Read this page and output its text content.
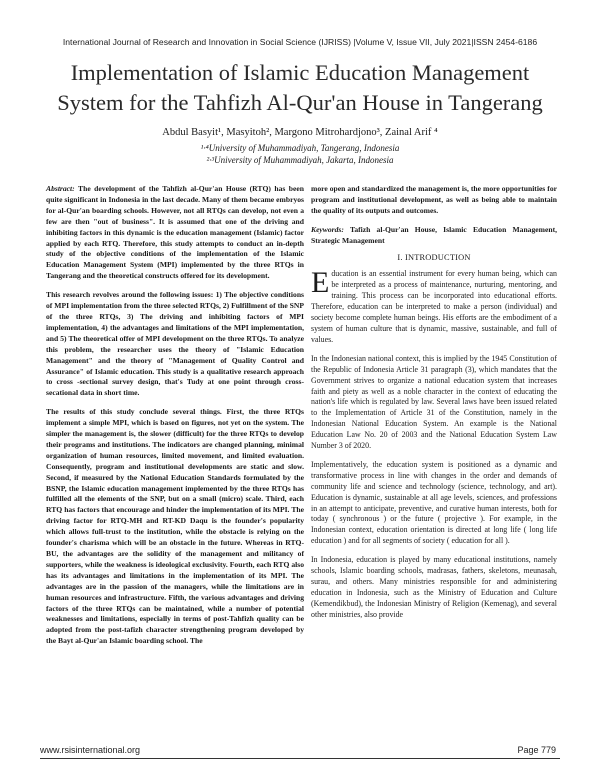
International Journal of Research and Innovation in Social Science (IJRISS) |Volume V, Issue VII, July 2021|ISSN 2454-6186
Implementation of Islamic Education Management System for the Tahfizh Al-Qur'an House in Tangerang
Abdul Basyit¹, Masyitoh², Margono Mitrohardjono³, Zainal Arif ⁴
¹·⁴University of Muhammadiyah, Tangerang, Indonesia
²·³University of Muhammadiyah, Jakarta, Indonesia

Abstract: The development of the Tahfizh al-Qur'an House (RTQ) has been quite significant in Indonesia in the last decade. Many of them became embryos for al-Qur'an boarding schools. However, not all RTQs can develop, not even a few are then "out of business". It is assumed that one of the driving and inhibiting factors in this dynamic is the education management (Islamic) factor applied by each RTQ. Therefore, this study attempts to conduct an in-depth study of the objective conditions of the implementation of the Islamic Education Management System (MPI) implemented by the three RTQs in Tangerang and the theoretical constructs offered for its development.

This research revolves around the following issues: 1) The objective conditions of MPI implementation from the three selected RTQs, 2) Fulfillment of the SNP of the three RTQs, 3) The driving and inhibiting factors of MPI implementation, 4) the advantages and limitations of the MPI implementation, and 5) The theoretical offer of MPI development on the three RTQs. To analyze this problem, the researcher uses the theory of "Islamic Education Management" and the theory of "Management of Quality Control and Assurance" of Islamic education. This study is a qualitative research approach to cross -sectional survey design, that's Tudy at one point through cross-secational data in short time.

The results of this study conclude several things. First, the three RTQs implement a simple MPI, which is based on figures, not yet on the system. The simpler the management is, the slower (difficult) for the three RTQs to develop their programs and institutions. The indicators are changed planning, minimal organization of human resources, limited movement, and limited evaluation. Consequently, program and institutional developments are static and slow. Second, if measured by the National Education Standards formulated by the BSNP, the Islamic education management implemented by the three RTQs has fulfilled all the elements of the SNP, but on a small (micro) scale. Third, each RTQ has factors that encourage and hinder the implementation of its MPI. The driving factor for RTQ-MH and RT-KD Daqu is the founder's popularity which allows full-trust to the institution, while the obstacle is relying on the founder's charisma which will be an obstacle in the future. Whereas in RTQ-BU, the advantages are the solidity of the management and militancy of supporters, while the weakness is ideological exclusivity. Fourth, each RTQ also has its advantages and limitations in the implementation of its MPI. The advantages are in the passion of the managers, while the limitations are in human resources and infrastructure. Fifth, the various advantages and driving factors of the three RTQs can be maintained, while a number of potential weaknesses and limitations, especially in terms of post-Tahfizh quality can be adopted from the post-tafizh character strengthening program developed by the Bayt al-Qur'an Islamic boarding school. The

more open and standardized the management is, the more opportunities for program and institutional development, as well as being able to maintain the quality of its outputs and outcomes.
Keywords: Tafizh al-Qur'an House, Islamic Education Management, Strategic Management
I. INTRODUCTION

Education is an essential instrument for every human being, which can be interpreted as a process of maintenance, nurturing, mentoring, and training. This process can be incorporated into educational efforts. Therefore, education can be interpreted to make a person (individual) and society become complete human beings. His efforts are the embodiment of a system of human culture that is dynamic, massive, sustainable, and full of values.

In the Indonesian national context, this is implied by the 1945 Constitution of the Republic of Indonesia Article 31 paragraph (3), which mandates that the Government strives to organize a national education system that increases faith and piety as well as a noble character in the context of educating the nation's life which is regulated by law. Several laws have been issued related to the Implementation of Article 31 of the Constitution, namely in the Indonesian National Education System. An example is the National Education Law No. 20 of 2003 and the National Education System Law Number 3 of 2020.

Implementatively, the education system is positioned as a dynamic and transformative process in line with changes in the order and demands of community life and science and technology (science, technology, and art). Education is dynamic, sustainable at all age levels, sciences, and professions in an attempt to anticipate, preventive, and curative human interests, both for today ( synchronous ) or the future ( projective ). For example, in the Indonesian context, education orientation is directed at long life ( long life education ) and for all segments of society ( education for all ).

In Indonesia, education is played by many educational institutions, namely schools, Islamic boarding schools, madrasas, fathers, skeletons, meunasah, surau, and others. Many ministries responsible for and administering education in Indonesia, such as the Ministry of Education and Culture (Kemendikbud), the Indonesian Ministry of Religion (Kemenag), and several other ministries, also provide

www.rsisinternational.org	Page 779
